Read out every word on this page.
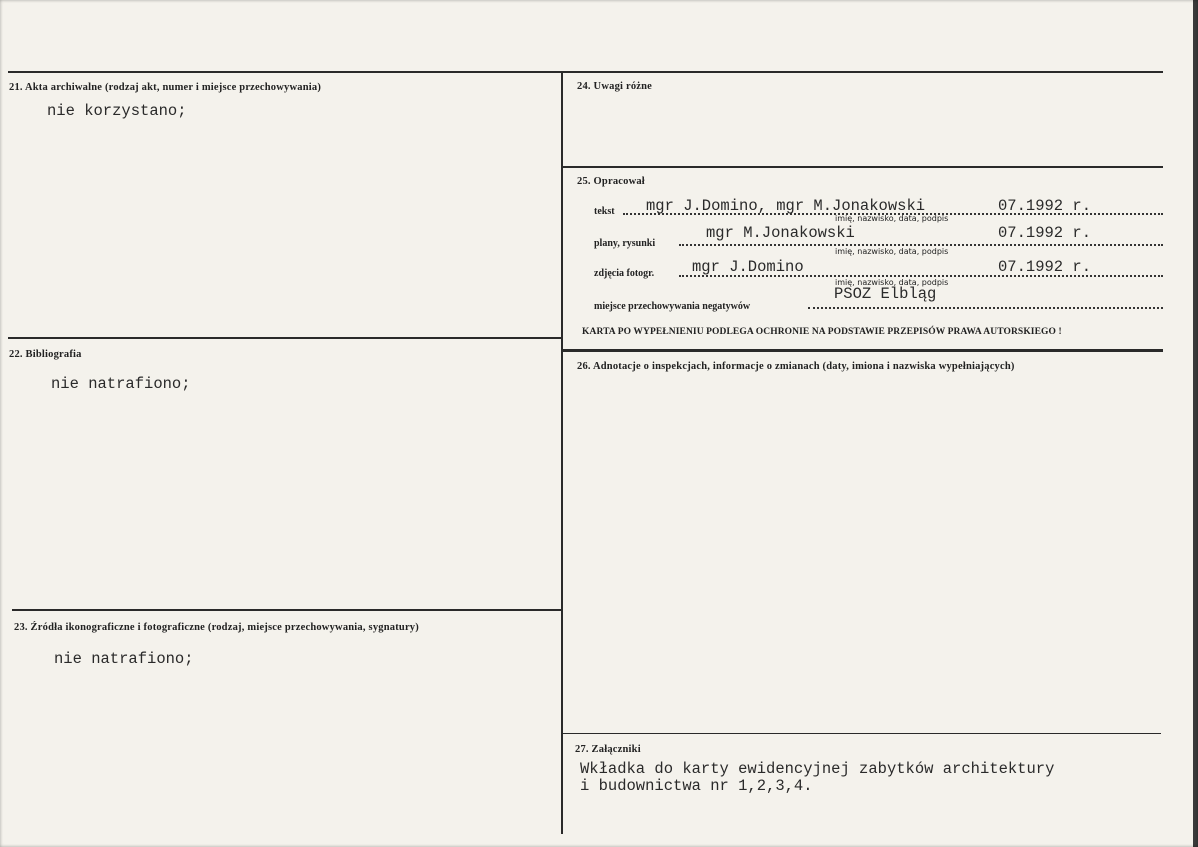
21. Akta archiwalne (rodzaj akt, numer i miejsce przechowywania)
nie korzystano;
22. Bibliografia
nie natrafiono;
23. Źródła ikonograficzne i fotograficzne (rodzaj, miejsce przechowywania, sygnatury)
nie natrafiono;
24. Uwagi różne
25. Opracował
tekst mgr J.Domino, mgr M.Jonakowski	07.1992 r.
imię, nazwisko, data, podpis
plany, rysunki
mgr M.Jonakowski	07.1992 r.
imię, nazwisko, data, podpis
zdjęcia fotogr. mgr J.Domino	07.1992 r.
imię, nazwisko, data, podpis
miejsce przechowywania negatywów
PSOZ Elbląg
KARTA PO WYPEŁNIENIU PODLEGA OCHRONIE NA PODSTAWIE PRZEPISÓW PRAWA AUTORSKIEGO !
26. Adnotacje o inspekcjach, informacje o zmianach (daty, imiona i nazwiska wypełniających)
27. Załączniki
Wkładka do karty ewidencyjnej zabytków architektury
i budownictwa nr 1,2,3,4.
